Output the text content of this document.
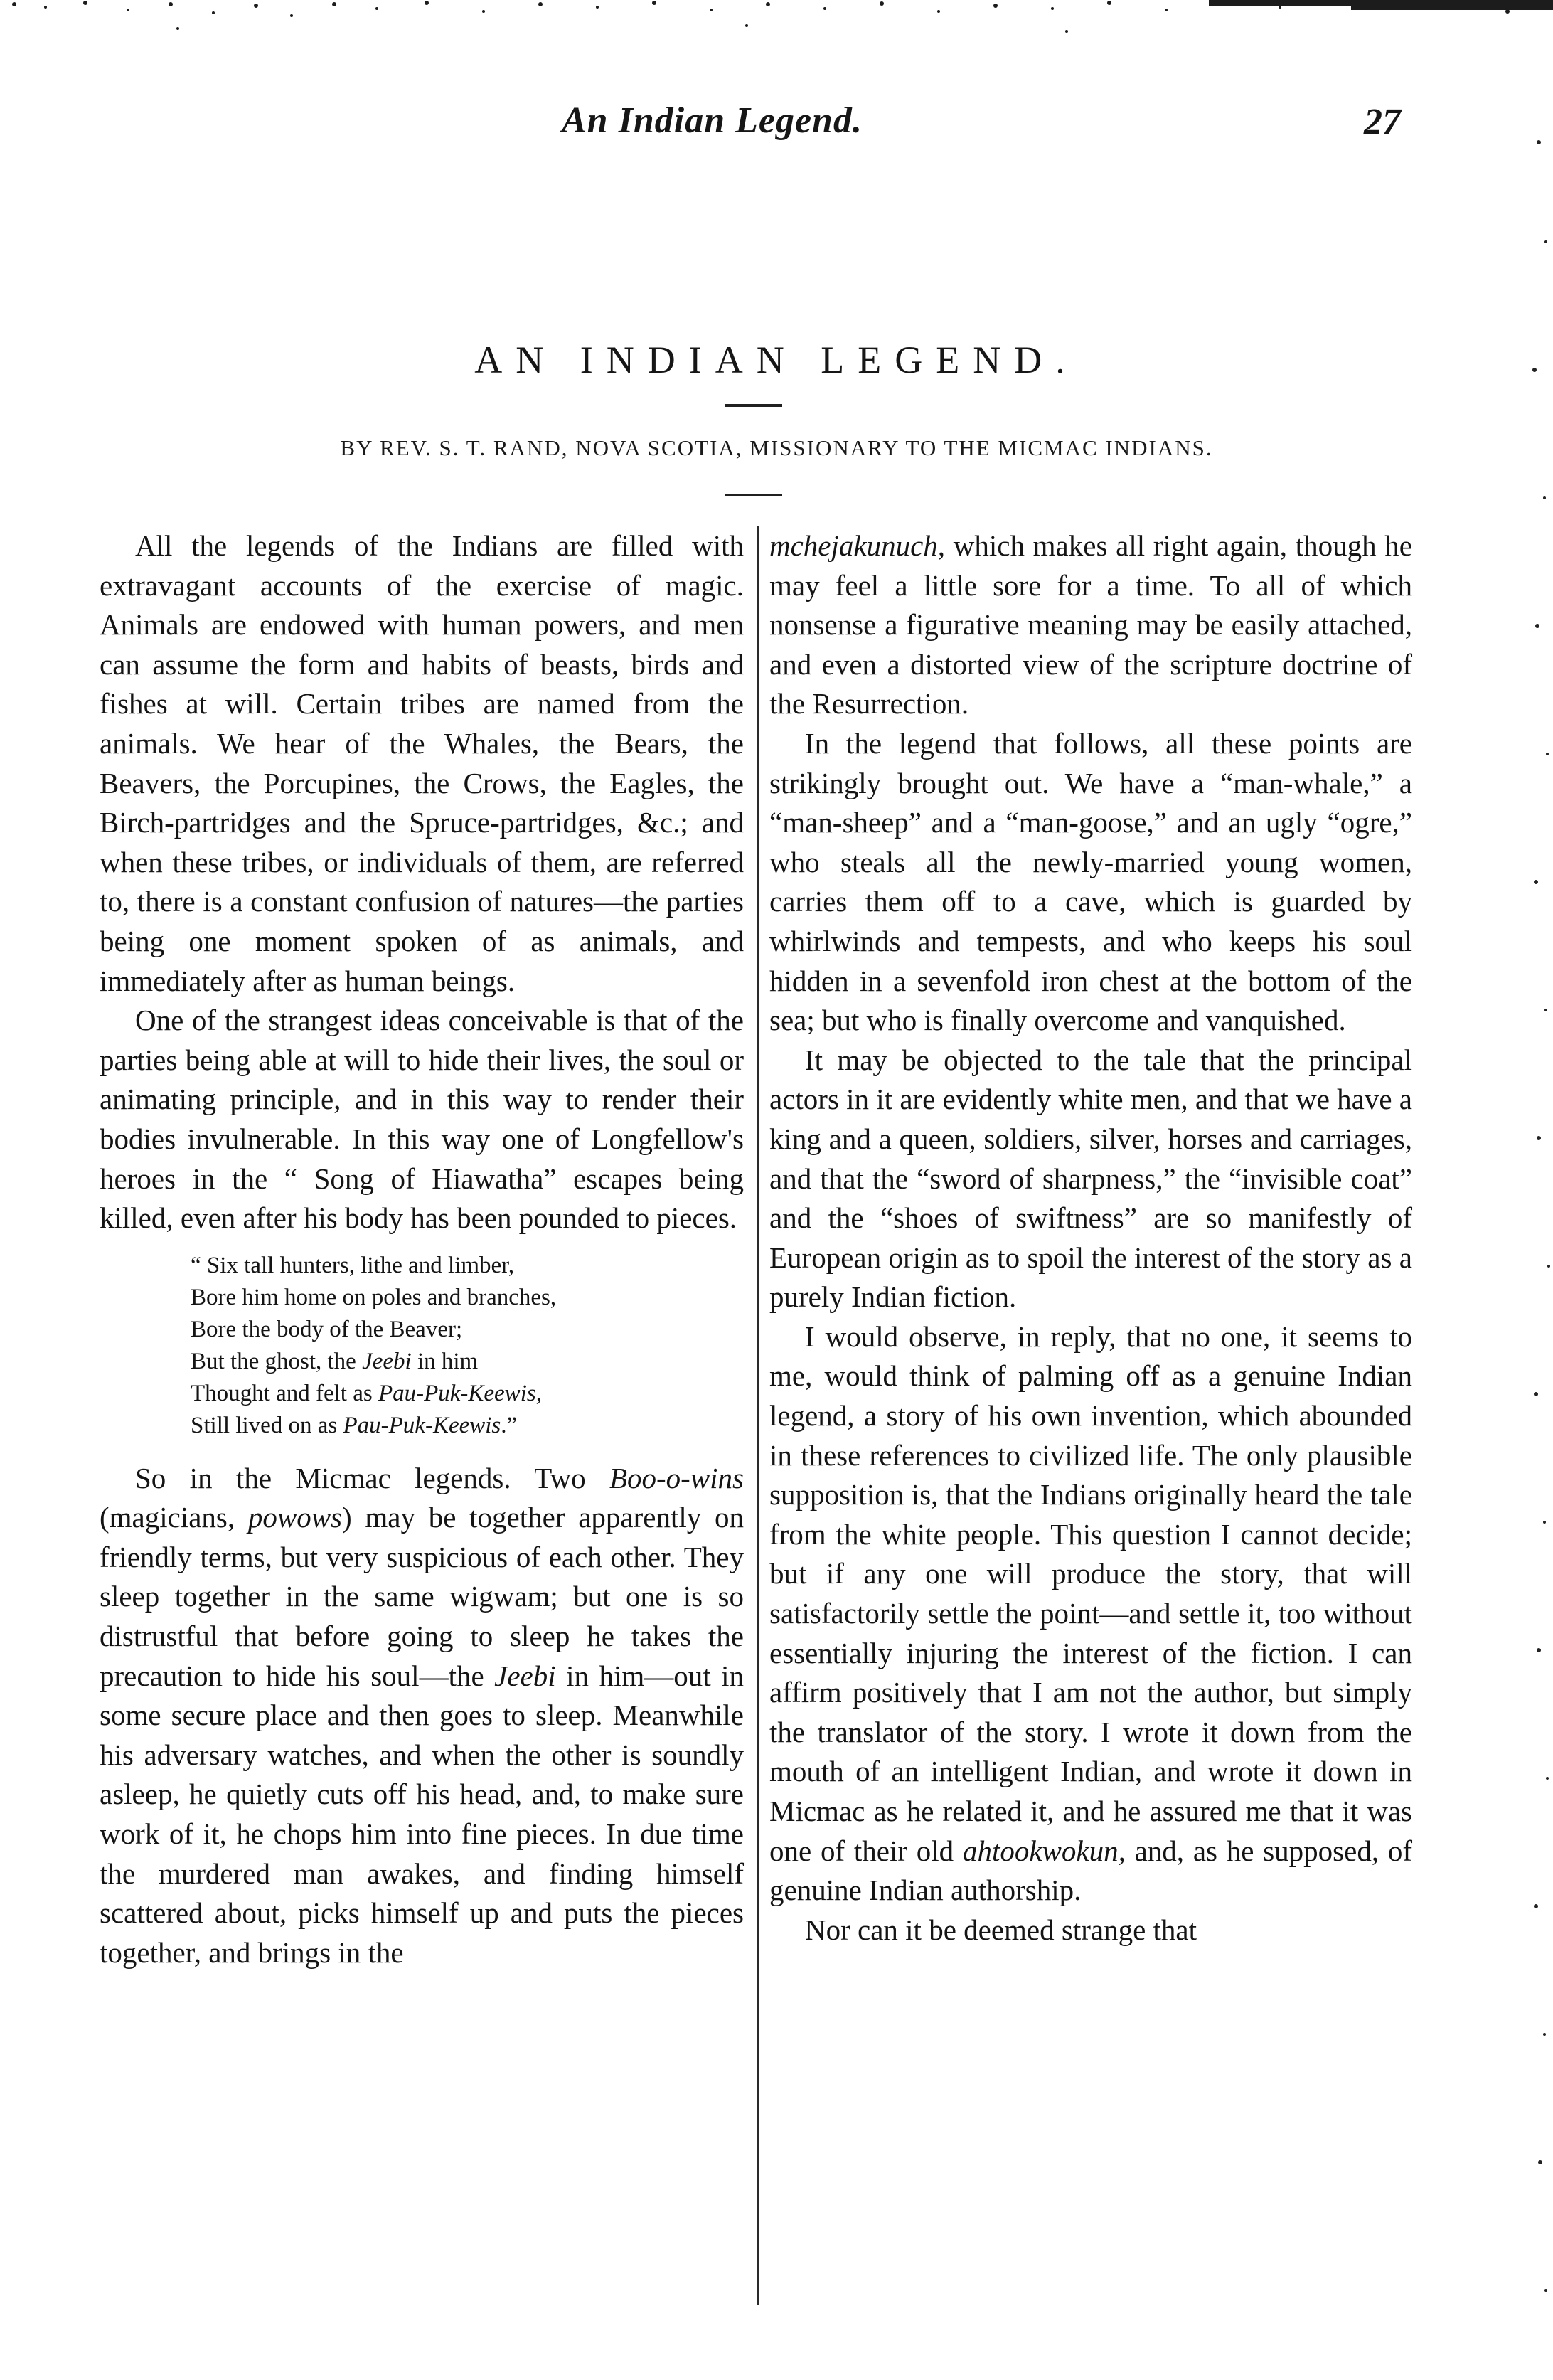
An Indian Legend.	27
AN INDIAN LEGEND.
BY REV. S. T. RAND, NOVA SCOTIA, MISSIONARY TO THE MICMAC INDIANS.

All the legends of the Indians are filled with extravagant accounts of the exercise of magic. Animals are endowed with human powers, and men can assume the form and habits of beasts, birds and fishes at will. Certain tribes are named from the animals. We hear of the Whales, the Bears, the Beavers, the Porcupines, the Crows, the Eagles, the Birch-partridges and the Spruce-partridges, &c.; and when these tribes, or individuals of them, are referred to, there is a constant confusion of natures—the parties being one moment spoken of as animals, and immediately after as human beings.

One of the strangest ideas conceivable is that of the parties being able at will to hide their lives, the soul or animating principle, and in this way to render their bodies invulnerable. In this way one of Longfellow's heroes in the “ Song of Hiawatha” escapes being killed, even after his body has been pounded to pieces.

“ Six tall hunters, lithe and limber,
Bore him home on poles and branches,
Bore the body of the Beaver;
But the ghost, the Jeebi in him
Thought and felt as Pau-Puk-Keewis,
Still lived on as Pau-Puk-Keewis.”

So in the Micmac legends. Two Boo-o-wins (magicians, powows) may be together apparently on friendly terms, but very suspicious of each other. They sleep together in the same wigwam; but one is so distrustful that before going to sleep he takes the precaution to hide his soul—the Jeebi in him—out in some secure place and then goes to sleep. Meanwhile his adversary watches, and when the other is soundly asleep, he quietly cuts off his head, and, to make sure work of it, he chops him into fine pieces. In due time the murdered man awakes, and finding himself scattered about, picks himself up and puts the pieces together, and brings in the

mchejakunuch, which makes all right again, though he may feel a little sore for a time. To all of which nonsense a figurative meaning may be easily attached, and even a distorted view of the scripture doctrine of the Resurrection.

In the legend that follows, all these points are strikingly brought out. We have a “man-whale,” a “man-sheep” and a “man-goose,” and an ugly “ogre,” who steals all the newly-married young women, carries them off to a cave, which is guarded by whirlwinds and tempests, and who keeps his soul hidden in a sevenfold iron chest at the bottom of the sea; but who is finally overcome and vanquished.

It may be objected to the tale that the principal actors in it are evidently white men, and that we have a king and a queen, soldiers, silver, horses and carriages, and that the “sword of sharpness,” the “invisible coat” and the “shoes of swiftness” are so manifestly of European origin as to spoil the interest of the story as a purely Indian fiction.

I would observe, in reply, that no one, it seems to me, would think of palming off as a genuine Indian legend, a story of his own invention, which abounded in these references to civilized life. The only plausible supposition is, that the Indians originally heard the tale from the white people. This question I cannot decide; but if any one will produce the story, that will satisfactorily settle the point—and settle it, too without essentially injuring the interest of the fiction. I can affirm positively that I am not the author, but simply the translator of the story. I wrote it down from the mouth of an intelligent Indian, and wrote it down in Micmac as he related it, and he assured me that it was one of their old ahtookwokun, and, as he supposed, of genuine Indian authorship.

Nor can it be deemed strange that
